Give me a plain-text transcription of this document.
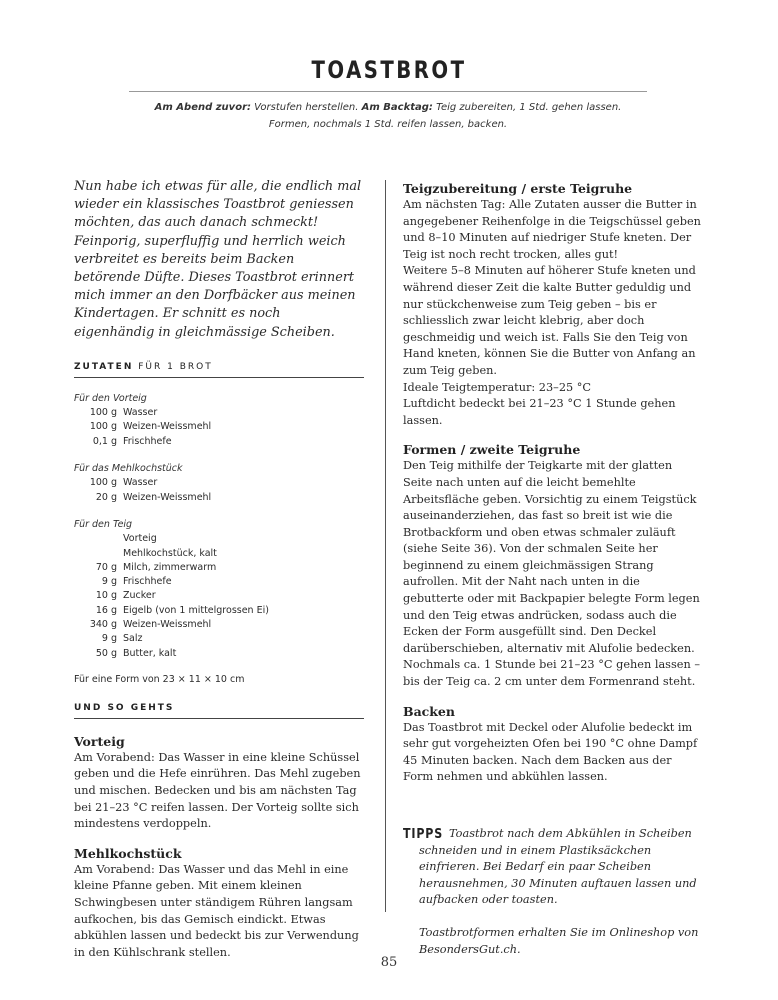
TOASTBROT
Am Abend zuvor: Vorstufen herstellen. Am Backtag: Teig zubereiten, 1 Std. gehen lassen.
Formen, nochmals 1 Std. reifen lassen, backen.

Nun habe ich etwas für alle, die endlich mal wieder ein klassisches Toastbrot geniessen möchten, das auch danach schmeckt! Feinporig, superfluffig und herrlich weich verbreitet es bereits beim Backen betörende Düfte. Dieses Toastbrot erinnert mich immer an den Dorfbäcker aus meinen Kindertagen. Er schnitt es noch eigenhändig in gleichmässige Scheiben.

ZUTATEN FÜR 1 BROT
Für den Vorteig
100 g Wasser
100 g Weizen-Weissmehl
0,1 g Frischhefe
Für das Mehlkochstück
100 g Wasser
20 g Weizen-Weissmehl
Für den Teig
Vorteig
Mehlkochstück, kalt
70 g Milch, zimmerwarm
9 g Frischhefe
10 g Zucker
16 g Eigelb (von 1 mittelgrossen Ei)
340 g Weizen-Weissmehl
9 g Salz
50 g Butter, kalt
Für eine Form von 23 × 11 × 10 cm
UND SO GEHTS
Vorteig

Am Vorabend: Das Wasser in eine kleine Schüssel geben und die Hefe einrühren. Das Mehl zugeben und mischen. Bedecken und bis am nächsten Tag bei 21–23 °C reifen lassen. Der Vorteig sollte sich mindestens verdoppeln.

Mehlkochstück

Am Vorabend: Das Wasser und das Mehl in eine kleine Pfanne geben. Mit einem kleinen Schwingbesen unter ständigem Rühren langsam aufkochen, bis das Gemisch eindickt. Etwas abkühlen lassen und bedeckt bis zur Verwendung in den Kühlschrank stellen.

Teigzubereitung / erste Teigruhe

Am nächsten Tag: Alle Zutaten ausser die Butter in angegebener Reihenfolge in die Teigschüssel geben und 8–10 Minuten auf niedriger Stufe kneten. Der Teig ist noch recht trocken, alles gut!
Weitere 5–8 Minuten auf höherer Stufe kneten und während dieser Zeit die kalte Butter geduldig und nur stückchenweise zum Teig geben – bis er schliesslich zwar leicht klebrig, aber doch geschmeidig und weich ist. Falls Sie den Teig von Hand kneten, können Sie die Butter von Anfang an zum Teig geben.
Ideale Teigtemperatur: 23–25 °C
Luftdicht bedeckt bei 21–23 °C 1 Stunde gehen lassen.

Formen / zweite Teigruhe

Den Teig mithilfe der Teigkarte mit der glatten Seite nach unten auf die leicht bemehlte Arbeitsfläche geben. Vorsichtig zu einem Teigstück auseinanderziehen, das fast so breit ist wie die Brotbackform und oben etwas schmaler zuläuft (siehe Seite 36). Von der schmalen Seite her beginnend zu einem gleichmässigen Strang aufrollen. Mit der Naht nach unten in die gebutterte oder mit Backpapier belegte Form legen und den Teig etwas andrücken, sodass auch die Ecken der Form ausgefüllt sind. Den Deckel darüberschieben, alternativ mit Alufolie bedecken. Nochmals ca. 1 Stunde bei 21–23 °C gehen lassen – bis der Teig ca. 2 cm unter dem Formenrand steht.

Backen

Das Toastbrot mit Deckel oder Alufolie bedeckt im sehr gut vorgeheizten Ofen bei 190 °C ohne Dampf 45 Minuten backen. Nach dem Backen aus der Form nehmen und abkühlen lassen.

TIPPS Toastbrot nach dem Abkühlen in Scheiben schneiden und in einem Plastiksäckchen einfrieren. Bei Bedarf ein paar Scheiben herausnehmen, 30 Minuten auftauen lassen und aufbacken oder toasten.

Toastbrotformen erhalten Sie im Onlineshop von BesondersGut.ch.

85
